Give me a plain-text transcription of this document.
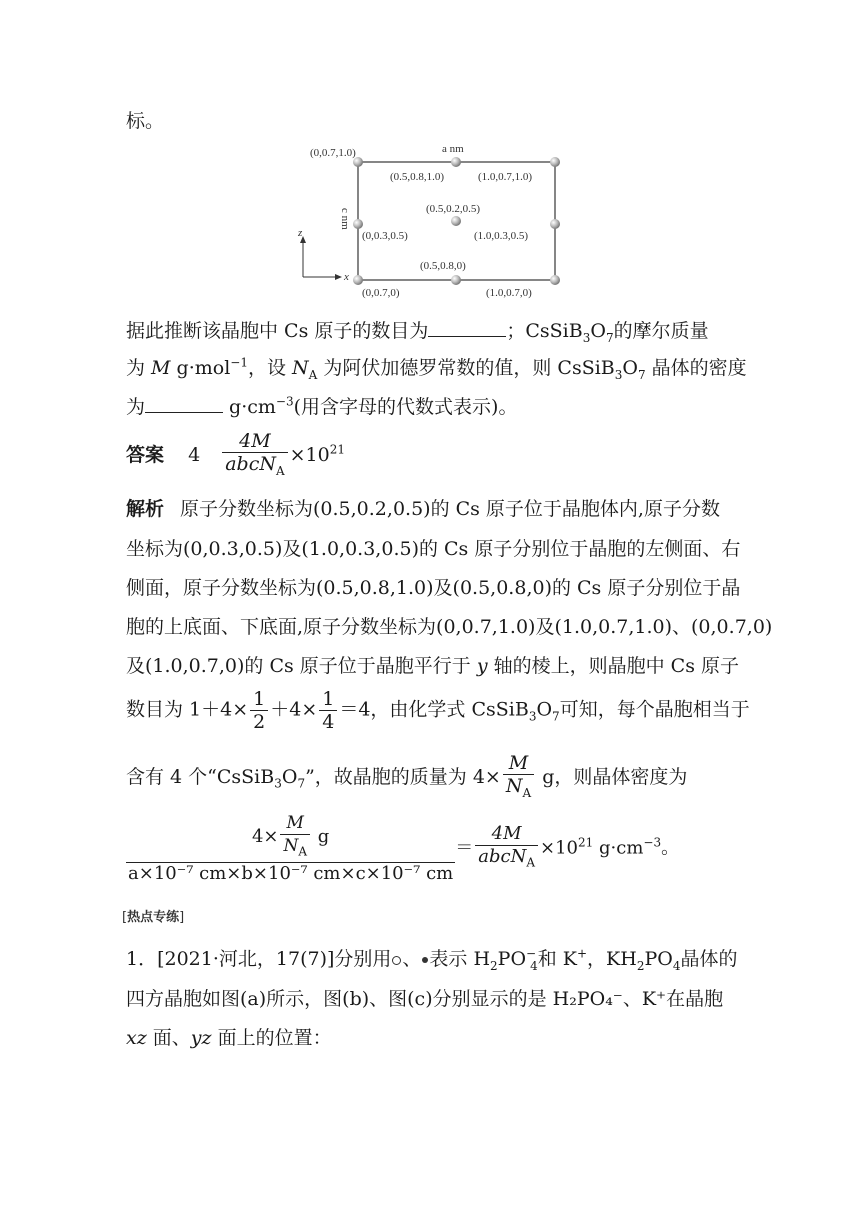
标。
z
x
a nm
c nm
(0,0.7,1.0)
(0.5,0.8,1.0)	(1.0,0.7,1.0)
(0.5,0.2,0.5)
(0,0.3,0.5)	(1.0,0.3,0.5)
(0.5,0.8,0)
(0,0.7,0)	(1.0,0.7,0)
据此推断该晶胞中 Cs 原子的数目为	；$CsSiB_3O_7$的摩尔质量
为 M g·mol$^{-1}$，设 $N_A$ 为阿伏加德罗常数的值，则 $CsSiB_3O_7$ 晶体的密度
为	$g\cdot cm^{-3}$(用含字母的代数式表示)。
答案 $4 \frac{4M}{abcN_A} \times 10^{21}$
解析 原子分数坐标为(0.5,0.2,0.5)的 Cs 原子位于晶胞体内,原子分数
坐标为(0,0.3,0.5)及(1.0,0.3,0.5)的 Cs 原子分别位于晶胞的左侧面、右
侧面，原子分数坐标为(0.5,0.8,1.0)及(0.5,0.8,0)的 Cs 原子分别位于晶
胞的上底面、下底面,原子分数坐标为(0,0.7,1.0)及(1.0,0.7,1.0)、(0,0.7,0)
及(1.0,0.7,0)的 Cs 原子位于晶胞平行于 y 轴的棱上，则晶胞中 Cs 原子
数目为 $1+4\times \frac{1}{2} +4\times \frac{1}{4} =4$，由化学式 $CsSiB_3O_7$可知，每个晶胞相当于
含有 4 个“$CsSiB_3O_7$”，故晶胞的质量为 $4\times \frac{M}{N_A}$ g，则晶体密度为
$\frac{4\times \frac{M}{N_A} g}{\text{a×10⁻⁷ cm×b×10⁻⁷ cm×c×10⁻⁷ cm}} = \frac{4M}{abcN_A} \times 10^{21}$ $g\cdot cm^{-3}$。
[热点专练]
1．[2021·河北，17(7)]分别用 、 表示 $H_2PO^-_4$和 K+，$KH_2PO_4$晶体的
四方晶胞如图(a)所示，图(b)、图(c)分别显示的是 H₂PO₄⁻、K⁺在晶胞
xz 面、yz 面上的位置：
